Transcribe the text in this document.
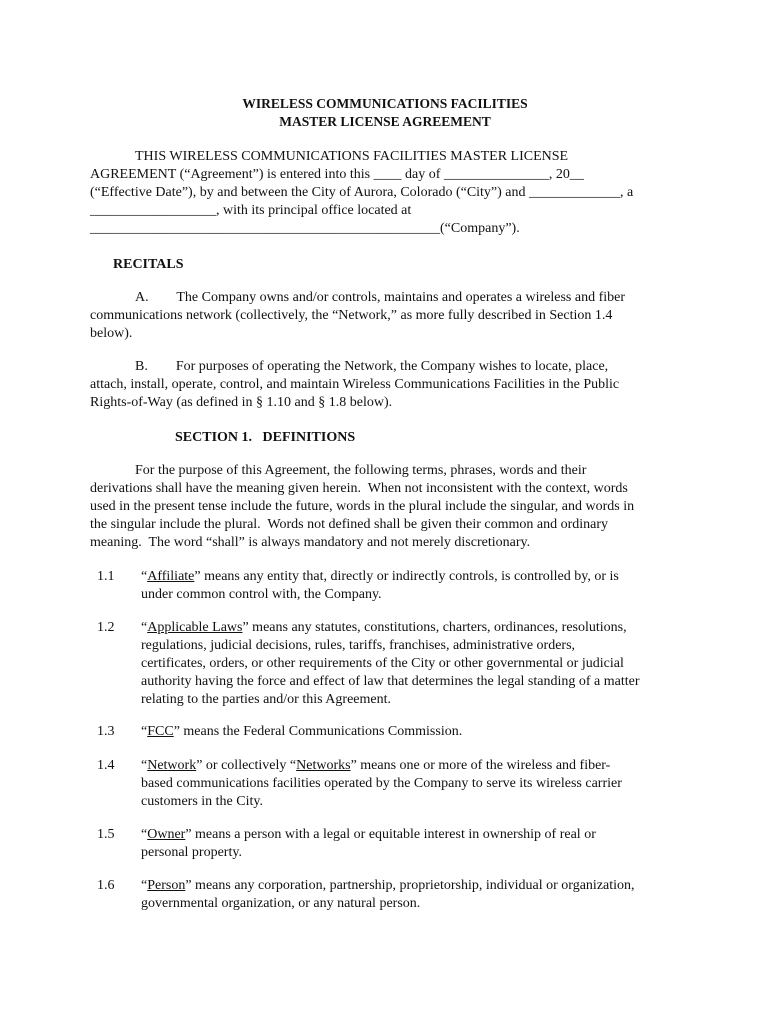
WIRELESS COMMUNICATIONS FACILITIES
MASTER LICENSE AGREEMENT
THIS WIRELESS COMMUNICATIONS FACILITIES MASTER LICENSE
AGREEMENT (“Agreement”) is entered into this ____ day of _______________, 20__
(“Effective Date”), by and between the City of Aurora, Colorado (“City”) and _____________, a
__________________, with its principal office located at
__________________________________________________(“Company”).
RECITALS
A.        The Company owns and/or controls, maintains and operates a wireless and fiber
communications network (collectively, the “Network,” as more fully described in Section 1.4
below).
B.        For purposes of operating the Network, the Company wishes to locate, place,
attach, install, operate, control, and maintain Wireless Communications Facilities in the Public
Rights-of-Way (as defined in § 1.10 and § 1.8 below).
SECTION 1.   DEFINITIONS
For the purpose of this Agreement, the following terms, phrases, words and their
derivations shall have the meaning given herein.  When not inconsistent with the context, words
used in the present tense include the future, words in the plural include the singular, and words in
the singular include the plural.  Words not defined shall be given their common and ordinary
meaning.  The word “shall” is always mandatory and not merely discretionary.
1.1 “Affiliate” means any entity that, directly or indirectly controls, is controlled by, or is
under common control with, the Company.
1.2 “Applicable Laws” means any statutes, constitutions, charters, ordinances, resolutions,
regulations, judicial decisions, rules, tariffs, franchises, administrative orders,
certificates, orders, or other requirements of the City or other governmental or judicial
authority having the force and effect of law that determines the legal standing of a matter
relating to the parties and/or this Agreement.
1.3 “FCC” means the Federal Communications Commission.
1.4 “Network” or collectively “Networks” means one or more of the wireless and fiber-
based communications facilities operated by the Company to serve its wireless carrier
customers in the City.
1.5 “Owner” means a person with a legal or equitable interest in ownership of real or
personal property.
1.6 “Person” means any corporation, partnership, proprietorship, individual or organization,
governmental organization, or any natural person.
